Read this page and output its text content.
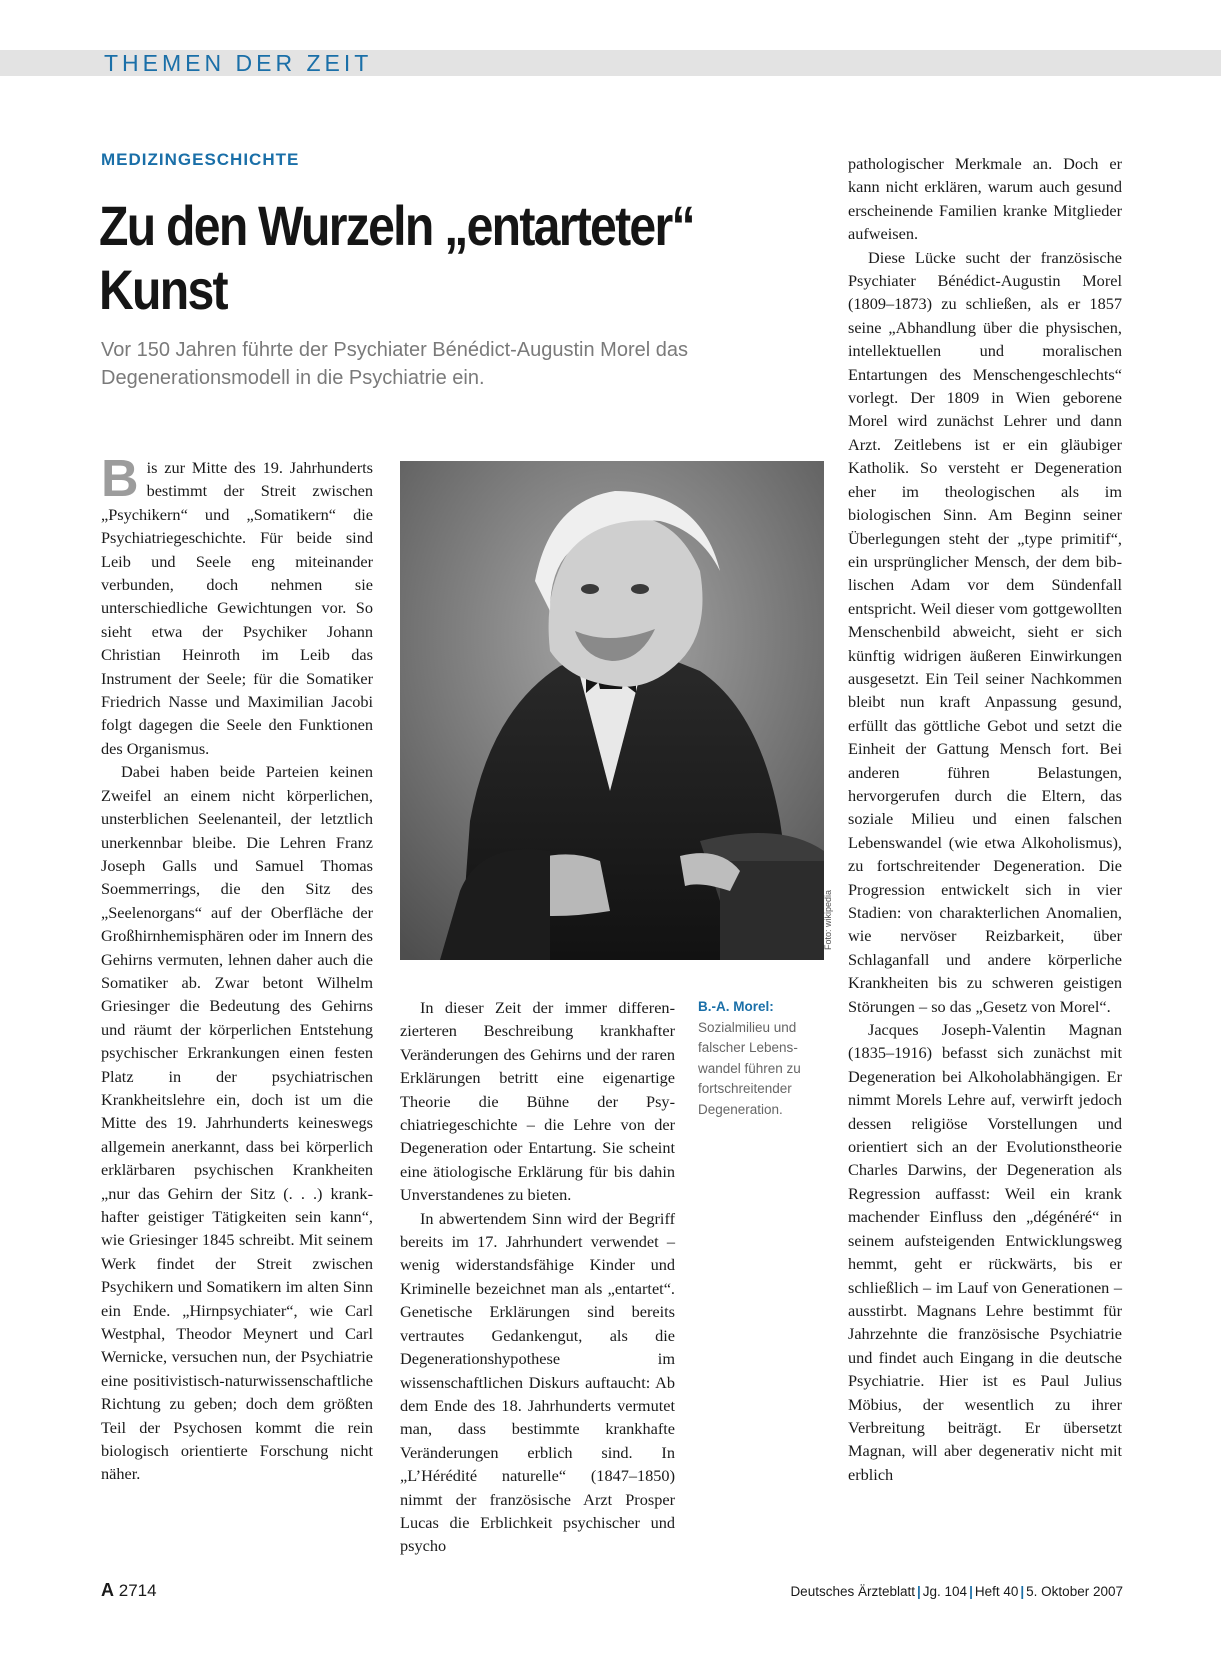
THEMEN DER ZEIT
MEDIZINGESCHICHTE
Zu den Wurzeln „entarteter“
Kunst

Vor 150 Jahren führte der Psychiater Bénédict-Augustin Morel das Degenerationsmodell in die Psychiatrie ein.

Bis zur Mitte des 19. Jahrhunderts bestimmt der Streit zwischen „Psychikern“ und „Somatikern“ die Psychiatriegeschichte. Für beide sind Leib und Seele eng miteinander verbunden, doch nehmen sie unterschiedliche Gewichtungen vor. So sieht etwa der Psychiker Johann Christian Heinroth im Leib das Instrument der Seele; für die Somatiker Friedrich Nasse und Maximilian Jacobi folgt dagegen die Seele den Funktionen des Organismus.

Dabei haben beide Parteien keinen Zweifel an einem nicht körperlichen, unsterblichen Seelenanteil, der letztlich unerkennbar bleibe. Die Lehren Franz Joseph Galls und Samuel Thomas Soemmerrings, die den Sitz des „Seelenorgans“ auf der Oberfläche der Großhirnhemisphären oder im Innern des Gehirns vermuten, lehnen daher auch die Somatiker ab. Zwar betont Wilhelm Griesinger die Bedeutung des Gehirns und räumt der körperlichen Entstehung psychischer Erkrankungen einen festen Platz in der psychiatrischen Krankheitslehre ein, doch ist um die Mitte des 19. Jahrhunderts keineswegs allgemein anerkannt, dass bei körperlich erklärbaren psychischen Krankheiten „nur das Gehirn der Sitz (. . .) krankhafter geistiger Tätigkeiten sein kann“, wie Griesinger 1845 schreibt. Mit seinem Werk findet der Streit zwischen Psychikern und Somatikern im alten Sinn ein Ende. „Hirnpsychiater“, wie Carl Westphal, Theodor Meynert und Carl Wernicke, versuchen nun, der Psychiatrie eine positivistisch-naturwissenschaftliche Richtung zu geben; doch dem größten Teil der Psychosen kommt die rein biologisch orientierte Forschung nicht näher.

Foto: wikipedia

In dieser Zeit der immer differenzierteren Beschreibung krankhafter Veränderungen des Gehirns und der raren Erklärungen betritt eine eigenartige Theorie die Bühne der Psychiatriegeschichte – die Lehre von der Degeneration oder Entartung. Sie scheint eine ätiologische Erklärung für bis dahin Unverstandenes zu bieten.

In abwertendem Sinn wird der Begriff bereits im 17. Jahrhundert verwendet – wenig widerstandsfähige Kinder und Kriminelle bezeichnet man als „entartet“. Genetische Erklärungen sind bereits vertrautes Gedankengut, als die Degenerationshypothese im wissenschaftlichen Diskurs auftaucht: Ab dem Ende des 18. Jahrhunderts vermutet man, dass bestimmte krankhafte Veränderungen erblich sind. In „L’Hérédité naturelle“ (1847–1850) nimmt der französische Arzt Prosper Lucas die Erblichkeit psychischer und psycho

B.-A. Morel:
Sozialmilieu und falscher Lebenswandel führen zu fortschreitender Degeneration.

pathologischer Merkmale an. Doch er kann nicht erklären, warum auch gesund erscheinende Familien kranke Mitglieder aufweisen.

Diese Lücke sucht der französische Psychiater Bénédict-Augustin Morel (1809–1873) zu schließen, als er 1857 seine „Abhandlung über die physischen, intellektuellen und moralischen Entartungen des Menschengeschlechts“ vorlegt. Der 1809 in Wien geborene Morel wird zunächst Lehrer und dann Arzt. Zeitlebens ist er ein gläubiger Katholik. So versteht er Degeneration eher im theologischen als im biologischen Sinn. Am Beginn seiner Überlegungen steht der „type primitif“, ein ursprünglicher Mensch, der dem biblischen Adam vor dem Sündenfall entspricht. Weil dieser vom gottgewollten Menschenbild abweicht, sieht er sich künftig widrigen äußeren Einwirkungen ausgesetzt. Ein Teil seiner Nachkommen bleibt nun kraft Anpassung gesund, erfüllt das göttliche Gebot und setzt die Einheit der Gattung Mensch fort. Bei anderen führen Belastungen, hervorgerufen durch die Eltern, das soziale Milieu und einen falschen Lebenswandel (wie etwa Alkoholismus), zu fortschreitender Degeneration. Die Progression entwickelt sich in vier Stadien: von charakterlichen Anomalien, wie nervöser Reizbarkeit, über Schlaganfall und andere körperliche Krankheiten bis zu schweren geistigen Störungen – so das „Gesetz von Morel“.

Jacques Joseph-Valentin Magnan (1835–1916) befasst sich zunächst mit Degeneration bei Alkoholabhängigen. Er nimmt Morels Lehre auf, verwirft jedoch dessen religiöse Vorstellungen und orientiert sich an der Evolutionstheorie Charles Darwins, der Degeneration als Regression auffasst: Weil ein krank machender Einfluss den „dégénéré“ in seinem aufsteigenden Entwicklungsweg hemmt, geht er rückwärts, bis er schließlich – im Lauf von Generationen – ausstirbt. Magnans Lehre bestimmt für Jahrzehnte die französische Psychiatrie und findet auch Eingang in die deutsche Psychiatrie. Hier ist es Paul Julius Möbius, der wesentlich zu ihrer Verbreitung beiträgt. Er übersetzt Magnan, will aber degenerativ nicht mit erblich

A 2714	Deutsches Ärzteblatt | Jg. 104 | Heft 40 | 5. Oktober 2007
